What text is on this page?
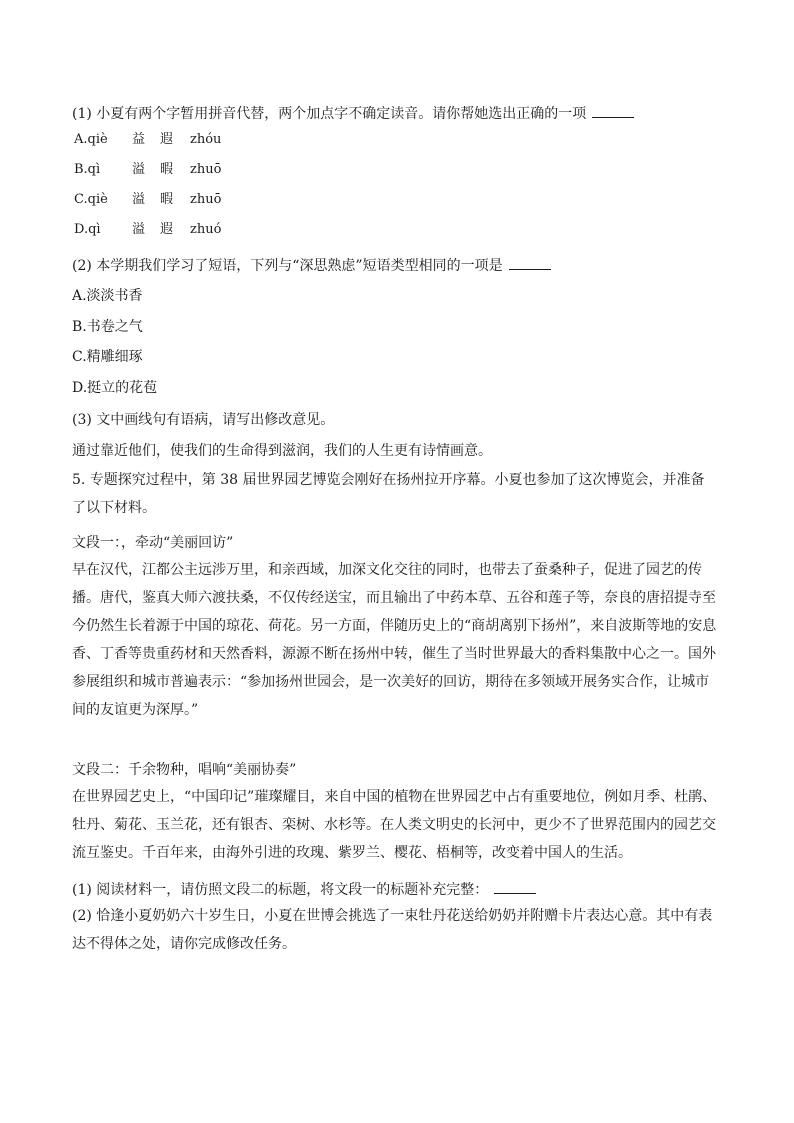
(1) 小夏有两个字暂用拼音代替，两个加点字不确定读音。请你帮她选出正确的一项
A.qiè 益 遐 zhóu
B.qì 溢 暇 zhuō
C.qiè 溢 暇 zhuō
D.qì 溢 遐 zhuó
(2) 本学期我们学习了短语，下列与“深思熟虑”短语类型相同的一项是
A.淡淡书香
B.书卷之气
C.精雕细琢
D.挺立的花苞
(3) 文中画线句有语病，请写出修改意见。
通过靠近他们，使我们的生命得到滋润，我们的人生更有诗情画意。
5. 专题探究过程中，第 38 届世界园艺博览会刚好在扬州拉开序幕。小夏也参加了这次博览会，并准备了以下材料。
文段一：，牵动“美丽回访”
早在汉代，江都公主远涉万里，和亲西域，加深文化交往的同时，也带去了蚕桑种子，促进了园艺的传播。唐代，鉴真大师六渡扶桑，不仅传经送宝，而且输出了中药本草、五谷和莲子等，奈良的唐招提寺至今仍然生长着源于中国的琼花、荷花。另一方面，伴随历史上的“商胡离别下扬州”，来自波斯等地的安息香、丁香等贵重药材和天然香料，源源不断在扬州中转，催生了当时世界最大的香料集散中心之一。国外参展组织和城市普遍表示：“参加扬州世园会，是一次美好的回访，期待在多领域开展务实合作，让城市间的友谊更为深厚。”
文段二：千余物种，唱响“美丽协奏”
在世界园艺史上，“中国印记”璀璨耀目，来自中国的植物在世界园艺中占有重要地位，例如月季、杜鹃、牡丹、菊花、玉兰花，还有银杏、栾树、水杉等。在人类文明史的长河中，更少不了世界范围内的园艺交流互鉴史。千百年来，由海外引进的玫瑰、紫罗兰、樱花、梧桐等，改变着中国人的生活。
(1) 阅读材料一，请仿照文段二的标题，将文段一的标题补充完整：
(2) 恰逢小夏奶奶六十岁生日，小夏在世博会挑选了一束牡丹花送给奶奶并附赠卡片表达心意。其中有表达不得体之处，请你完成修改任务。
